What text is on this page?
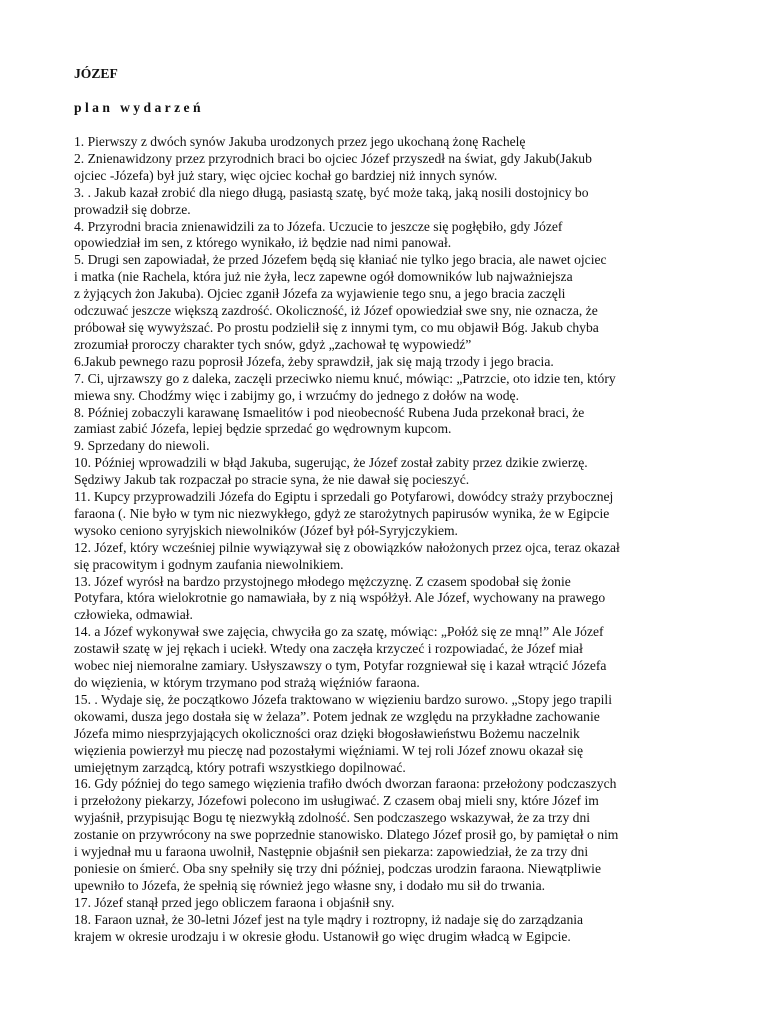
JÓZEF
plan wydarzeń
1. Pierwszy z dwóch synów Jakuba urodzonych przez jego ukochaną żonę Rachelę
2. Znienawidzony przez przyrodnich braci bo ojciec Józef przyszedł na świat, gdy Jakub(Jakub
ojciec -Józefa) był już stary, więc ojciec kochał go bardziej niż innych synów.
3. . Jakub kazał zrobić dla niego długą, pasiastą szatę, być może taką, jaką nosili dostojnicy bo
prowadził się dobrze.
4. Przyrodni bracia znienawidzili za to Józefa. Uczucie to jeszcze się pogłębiło, gdy Józef
opowiedział im sen, z którego wynikało, iż będzie nad nimi panował.
5. Drugi sen zapowiadał, że przed Józefem będą się kłaniać nie tylko jego bracia, ale nawet ojciec
i matka (nie Rachela, która już nie żyła, lecz zapewne ogół domowników lub najważniejsza
z żyjących żon Jakuba). Ojciec zganił Józefa za wyjawienie tego snu, a jego bracia zaczęli
odczuwać jeszcze większą zazdrość. Okoliczność, iż Józef opowiedział swe sny, nie oznacza, że
próbował się wywyższać. Po prostu podzielił się z innymi tym, co mu objawił Bóg. Jakub chyba
zrozumiał proroczy charakter tych snów, gdyż „zachował tę wypowiedź”
6.Jakub pewnego razu poprosił Józefa, żeby sprawdził, jak się mają trzody i jego bracia.
7. Ci, ujrzawszy go z daleka, zaczęli przeciwko niemu knuć, mówiąc: „Patrzcie, oto idzie ten, który
miewa sny. Chodźmy więc i zabijmy go, i wrzućmy do jednego z dołów na wodę.
8. Później zobaczyli karawanę Ismaelitów i pod nieobecność Rubena Juda przekonał braci, że
zamiast zabić Józefa, lepiej będzie sprzedać go wędrownym kupcom.
9. Sprzedany do niewoli.
10. Później wprowadzili w błąd Jakuba, sugerując, że Józef został zabity przez dzikie zwierzę.
Sędziwy Jakub tak rozpaczał po stracie syna, że nie dawał się pocieszyć.
11. Kupcy przyprowadzili Józefa do Egiptu i sprzedali go Potyfarowi, dowódcy straży przybocznej
faraona (. Nie było w tym nic niezwykłego, gdyż ze starożytnych papirusów wynika, że w Egipcie
wysoko ceniono syryjskich niewolników (Józef był pół-Syryjczykiem.
12. Józef, który wcześniej pilnie wywiązywał się z obowiązków nałożonych przez ojca, teraz okazał
się pracowitym i godnym zaufania niewolnikiem.
13. Józef wyrósł na bardzo przystojnego młodego mężczyznę. Z czasem spodobał się żonie
Potyfara, która wielokrotnie go namawiała, by z nią współżył. Ale Józef, wychowany na prawego
człowieka, odmawiał.
14. a Józef wykonywał swe zajęcia, chwyciła go za szatę, mówiąc: „Połóż się ze mną!” Ale Józef
zostawił szatę w jej rękach i uciekł. Wtedy ona zaczęła krzyczeć i rozpowiadać, że Józef miał
wobec niej niemoralne zamiary. Usłyszawszy o tym, Potyfar rozgniewał się i kazał wtrącić Józefa
do więzienia, w którym trzymano pod strażą więźniów faraona.
15. . Wydaje się, że początkowo Józefa traktowano w więzieniu bardzo surowo. „Stopy jego trapili
okowami, dusza jego dostała się w żelaza”. Potem jednak ze względu na przykładne zachowanie
Józefa mimo niesprzyjających okoliczności oraz dzięki błogosławieństwu Bożemu naczelnik
więzienia powierzył mu pieczę nad pozostałymi więźniami. W tej roli Józef znowu okazał się
umiejętnym zarządcą, który potrafi wszystkiego dopilnować.
16. Gdy później do tego samego więzienia trafiło dwóch dworzan faraona: przełożony podczaszych
i przełożony piekarzy, Józefowi polecono im usługiwać. Z czasem obaj mieli sny, które Józef im
wyjaśnił, przypisując Bogu tę niezwykłą zdolność. Sen podczaszego wskazywał, że za trzy dni
zostanie on przywrócony na swe poprzednie stanowisko. Dlatego Józef prosił go, by pamiętał o nim
i wyjednał mu u faraona uwolnił, Następnie objaśnił sen piekarza: zapowiedział, że za trzy dni
poniesie on śmierć. Oba sny spełniły się trzy dni później, podczas urodzin faraona. Niewątpliwie
upewniło to Józefa, że spełnią się również jego własne sny, i dodało mu sił do trwania.
17. Józef stanął przed jego obliczem faraona i objaśnił sny.
18. Faraon uznał, że 30-letni Józef jest na tyle mądry i roztropny, iż nadaje się do zarządzania
krajem w okresie urodzaju i w okresie głodu. Ustanowił go więc drugim władcą w Egipcie.
